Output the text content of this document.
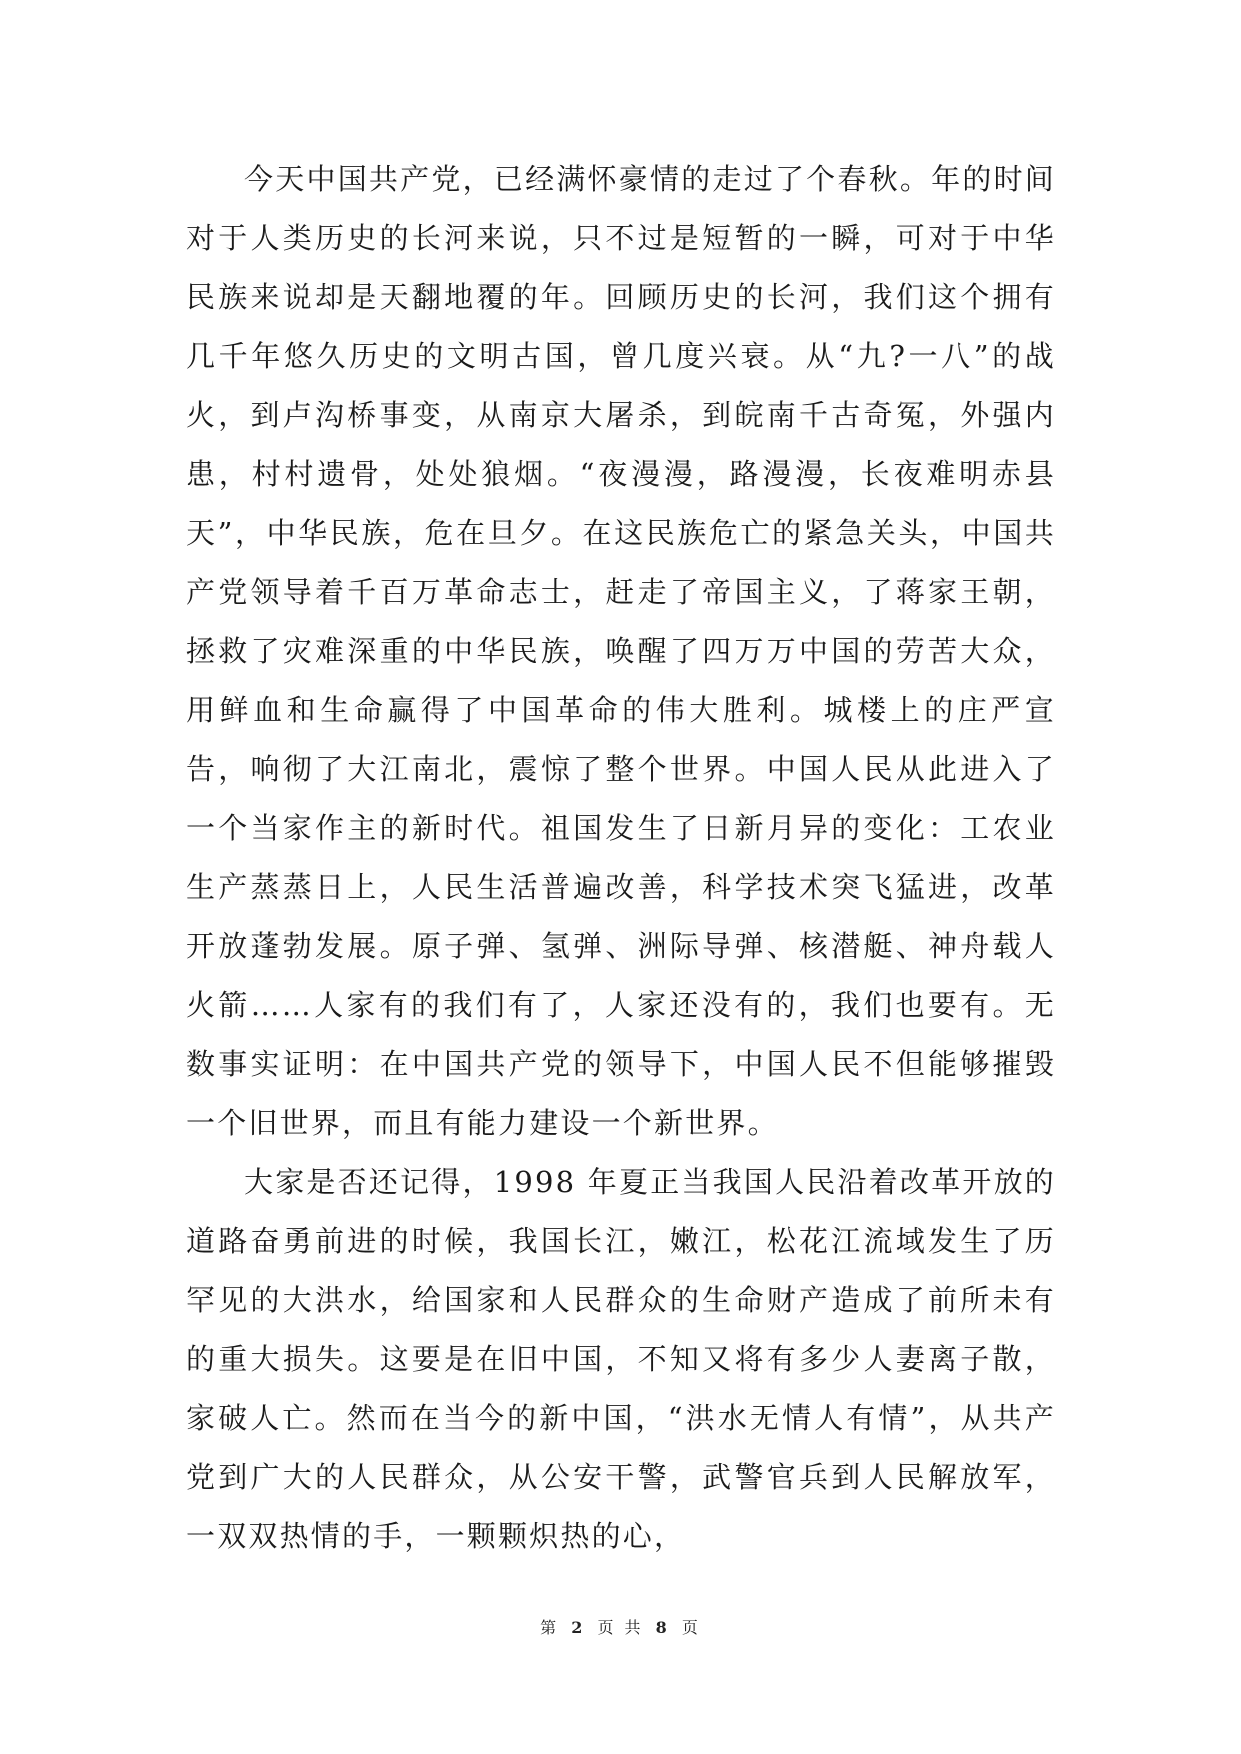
今天中国共产党，已经满怀豪情的走过了个春秋。年的时间对于人类历史的长河来说，只不过是短暂的一瞬，可对于中华民族来说却是天翻地覆的年。回顾历史的长河，我们这个拥有几千年悠久历史的文明古国，曾几度兴衰。从“九?一八”的战火，到卢沟桥事变，从南京大屠杀，到皖南千古奇冤，外强内患，村村遗骨，处处狼烟。“夜漫漫，路漫漫，长夜难明赤县天”，中华民族，危在旦夕。在这民族危亡的紧急关头，中国共产党领导着千百万革命志士，赶走了帝国主义，了蒋家王朝，拯救了灾难深重的中华民族，唤醒了四万万中国的劳苦大众，用鲜血和生命赢得了中国革命的伟大胜利。城楼上的庄严宣告，响彻了大江南北，震惊了整个世界。中国人民从此进入了一个当家作主的新时代。祖国发生了日新月异的变化：工农业生产蒸蒸日上，人民生活普遍改善，科学技术突飞猛进，改革开放蓬勃发展。原子弹、氢弹、洲际导弹、核潜艇、神舟载人火箭……人家有的我们有了，人家还没有的，我们也要有。无数事实证明：在中国共产党的领导下，中国人民不但能够摧毁一个旧世界，而且有能力建设一个新世界。

大家是否还记得，1998 年夏正当我国人民沿着改革开放的道路奋勇前进的时候，我国长江，嫩江，松花江流域发生了历罕见的大洪水，给国家和人民群众的生命财产造成了前所未有的重大损失。这要是在旧中国，不知又将有多少人妻离子散，家破人亡。然而在当今的新中国，“洪水无情人有情”，从共产党到广大的人民群众，从公安干警，武警官兵到人民解放军，一双双热情的手，一颗颗炽热的心，

第 2 页 共 8 页
